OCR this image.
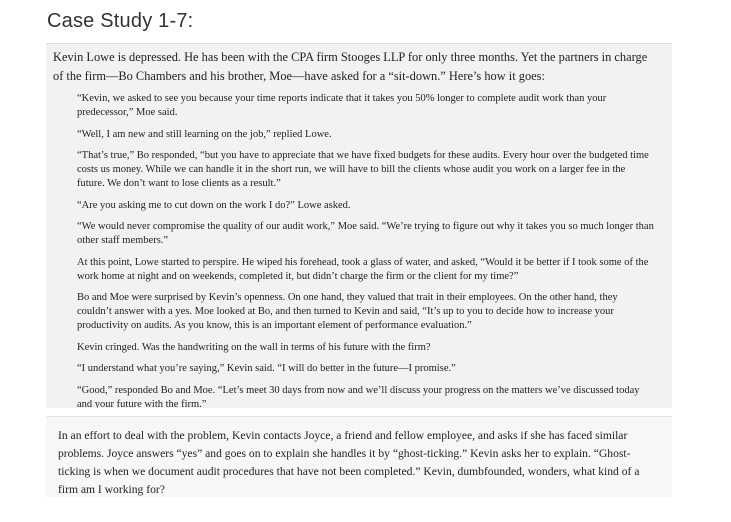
Case Study 1-7:

Kevin Lowe is depressed. He has been with the CPA firm Stooges LLP for only three months. Yet the partners in charge
of the firm—Bo Chambers and his brother, Moe—have asked for a “sit-down.” Here’s how it goes:

“Kevin, we asked to see you because your time reports indicate that it takes you 50% longer to complete audit work than your predecessor,” Moe said.

“Well, I am new and still learning on the job,” replied Lowe.

“That’s true,” Bo responded, “but you have to appreciate that we have fixed budgets for these audits. Every hour over the budgeted time costs us money. While we can handle it in the short run, we will have to bill the clients whose audit you work on a larger fee in the future. We don’t want to lose clients as a result.”

“Are you asking me to cut down on the work I do?” Lowe asked.

“We would never compromise the quality of our audit work,” Moe said. “We’re trying to figure out why it takes you so much longer than other staff members.”

At this point, Lowe started to perspire. He wiped his forehead, took a glass of water, and asked, “Would it be better if I took some of the work home at night and on weekends, completed it, but didn’t charge the firm or the client for my time?”

Bo and Moe were surprised by Kevin’s openness. On one hand, they valued that trait in their employees. On the other hand, they couldn’t answer with a yes. Moe looked at Bo, and then turned to Kevin and said, “It’s up to you to decide how to increase your productivity on audits. As you know, this is an important element of performance evaluation.”

Kevin cringed. Was the handwriting on the wall in terms of his future with the firm?

“I understand what you’re saying,” Kevin said. “I will do better in the future—I promise.”

“Good,” responded Bo and Moe. “Let’s meet 30 days from now and we’ll discuss your progress on the matters we’ve discussed today and your future with the firm.”

In an effort to deal with the problem, Kevin contacts Joyce, a friend and fellow employee, and asks if she has faced similar problems. Joyce answers “yes” and goes on to explain she handles it by “ghost-ticking.” Kevin asks her to explain. “Ghost-ticking is when we document audit procedures that have not been completed.” Kevin, dumbfounded, wonders, what kind of a firm am I working for?
